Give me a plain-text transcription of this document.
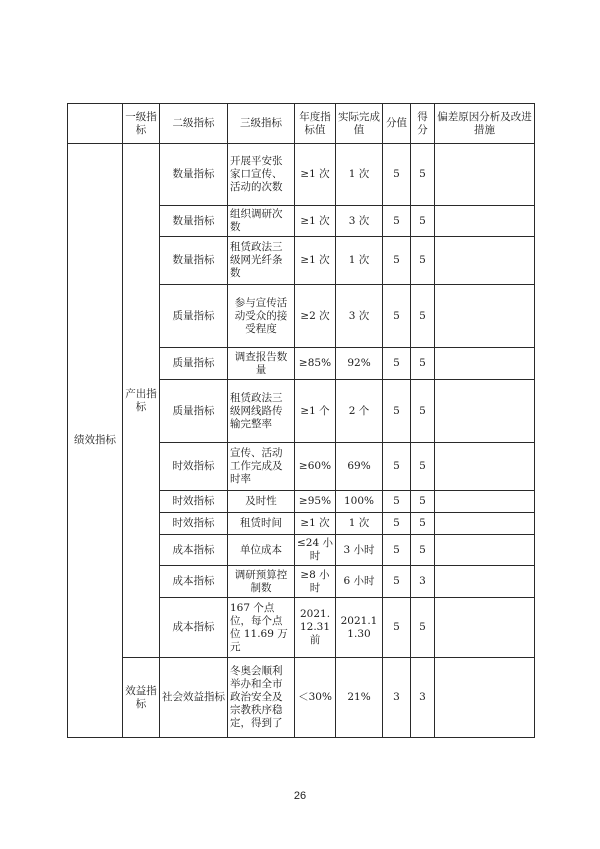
	一级指标	二级指标	三级指标	年度指标值	实际完成值	分值	得分	偏差原因分析及改进措施
绩效指标	产出指标	数量指标	开展平安张家口宣传、活动的次数	≥1 次	1 次	5	5	
		数量指标	组织调研次数	≥1 次	3 次	5	5	
		数量指标	租赁政法三级网光纤条数	≥1 次	1 次	5	5	
		质量指标	参与宣传活动受众的接受程度	≥2 次	3 次	5	5	
		质量指标	调查报告数量	≥85%	92%	5	5	
		质量指标	租赁政法三级网线路传输完整率	≥1 个	2 个	5	5	
		时效指标	宣传、活动工作完成及时率	≥60%	69%	5	5	
		时效指标	及时性	≥95%	100%	5	5	
		时效指标	租赁时间	≥1 次	1 次	5	5	
		成本指标	单位成本	≤24 小时	3 小时	5	5	
		成本指标	调研预算控制数	≥8 小时	6 小时	5	3	
		成本指标	167 个点位，每个点位 11.69 万元	2021.12.31 前	2021.11.30	5	5	
	效益指标	社会效益指标	冬奥会顺利举办和全市政治安全及宗教秩序稳定，得到了	＜30%	21%	3	3	
26
